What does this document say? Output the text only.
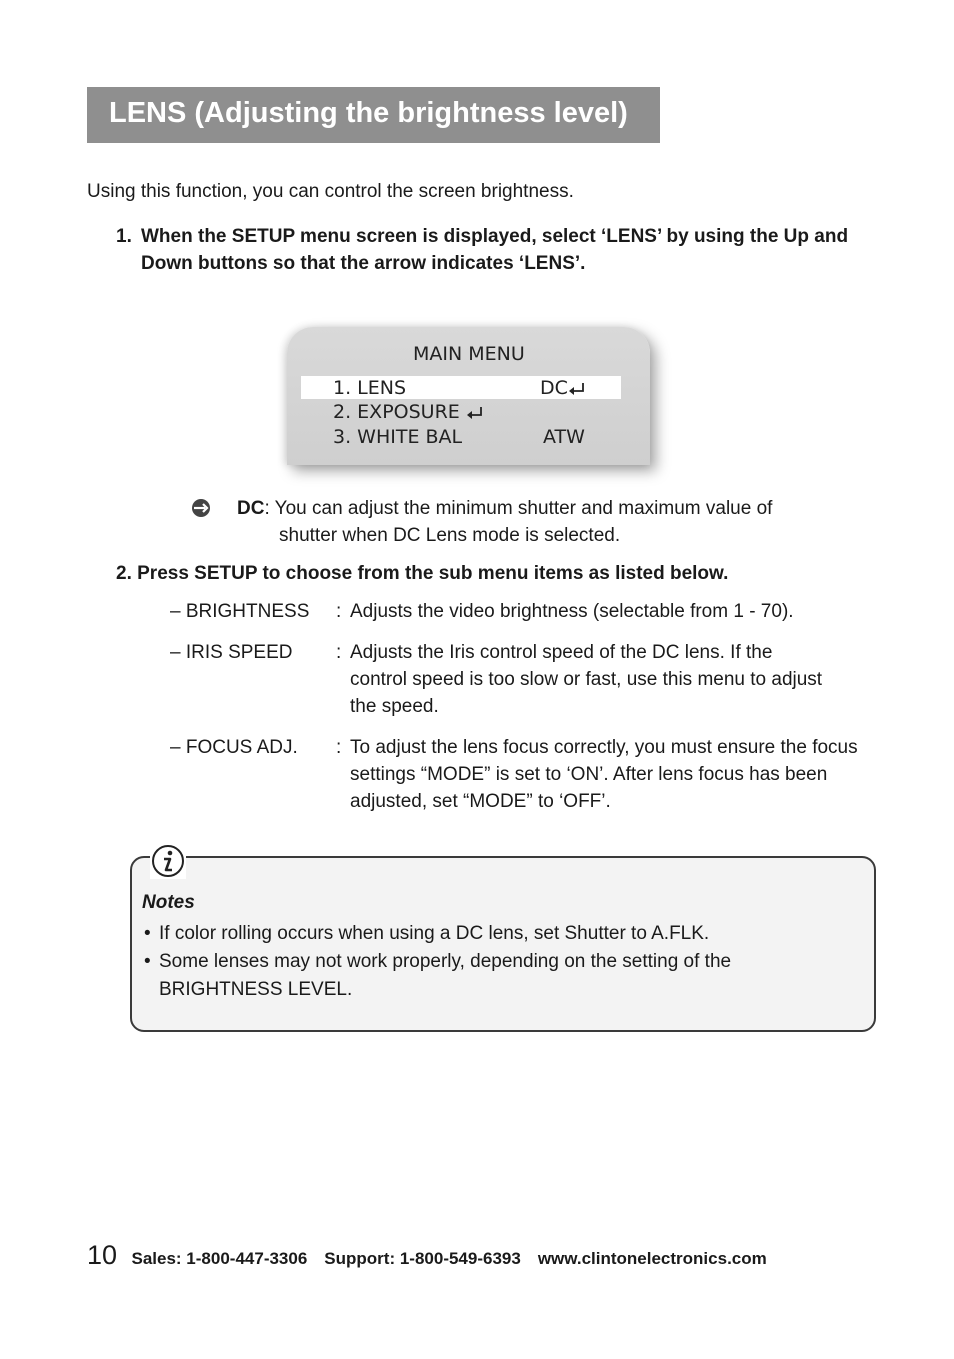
LENS (Adjusting the brightness level)
Using this function, you can control the screen brightness.
1. When the SETUP menu screen is displayed, select ‘LENS’ by using the Up and Down buttons so that the arrow indicates ‘LENS’.
MAIN MENU
1. LENS	DC
2. EXPOSURE
3. WHITE BAL	ATW
DC: You can adjust the minimum shutter and maximum value of
shutter when DC Lens mode is selected.
2. Press SETUP to choose from the sub menu items as listed below.
– BRIGHTNESS : Adjusts the video brightness (selectable from 1 - 70).
– IRIS SPEED : Adjusts the Iris control speed of the DC lens. If the control speed is too slow or fast, use this menu to adjust the speed.
– FOCUS ADJ. : To adjust the lens focus correctly, you must ensure the focus settings “MODE” is set to ‘ON’. After lens focus has been adjusted, set “MODE” to ‘OFF’.
Notes
• If color rolling occurs when using a DC lens, set Shutter to A.FLK.
• Some lenses may not work properly, depending on the setting of the BRIGHTNESS LEVEL.
10 Sales: 1-800-447-3306 Support: 1-800-549-6393 www.clintonelectronics.com
